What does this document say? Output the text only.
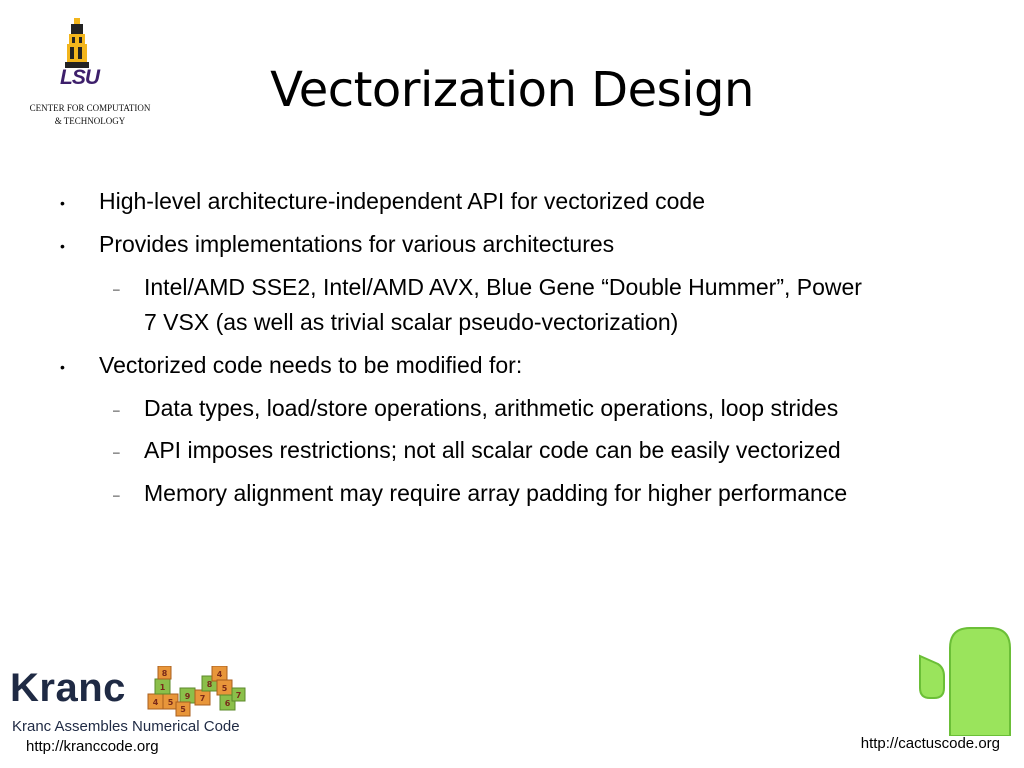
LSU
CENTER FOR COMPUTATION
& TECHNOLOGY
Vectorization Design
• High-level architecture-independent API for vectorized code
• Provides implementations for various architectures
– Intel/AMD SSE2, Intel/AMD AVX, Blue Gene “Double Hummer”, Power
7 VSX (as well as trivial scalar pseudo-vectorization)
• Vectorized code needs to be modified for:
– Data types, load/store operations, arithmetic operations, loop strides
– API imposes restrictions; not all scalar code can be easily vectorized
– Memory alignment may require array padding for higher performance
Kranc	4 5
1
8
9 7
8
4
5
6
5
7
Kranc Assembles Numerical Code
http://kranccode.org	http://cactuscode.org
